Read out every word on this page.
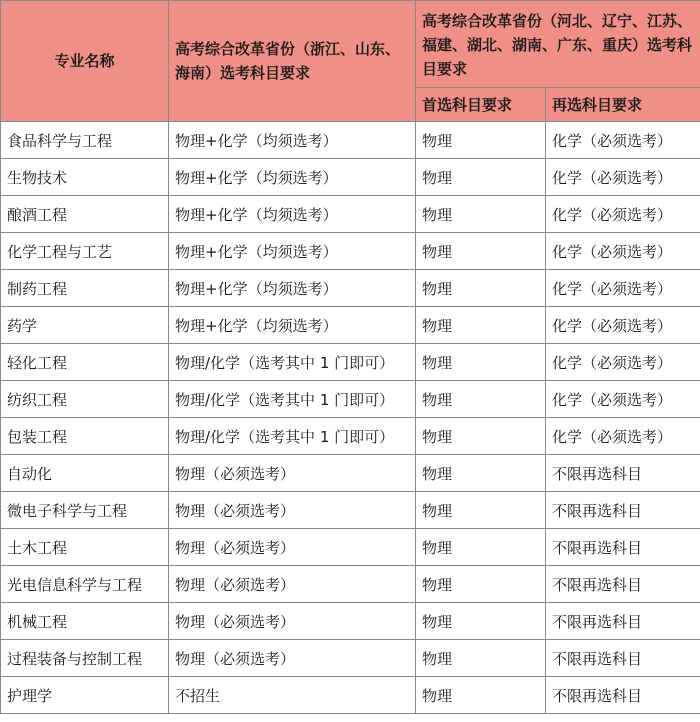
专业名称	高考综合改革省份（浙江、山东、海南）选考科目要求	高考综合改革省份（河北、辽宁、江苏、福建、湖北、湖南、广东、重庆）选考科目要求	
		首选科目要求	再选科目要求
食品科学与工程	物理+化学（均须选考）	物理	化学（必须选考）
生物技术	物理+化学（均须选考）	物理	化学（必须选考）
酿酒工程	物理+化学（均须选考）	物理	化学（必须选考）
化学工程与工艺	物理+化学（均须选考）	物理	化学（必须选考）
制药工程	物理+化学（均须选考）	物理	化学（必须选考）
药学	物理+化学（均须选考）	物理	化学（必须选考）
轻化工程	物理/化学（选考其中 1 门即可）	物理	化学（必须选考）
纺织工程	物理/化学（选考其中 1 门即可）	物理	化学（必须选考）
包装工程	物理/化学（选考其中 1 门即可）	物理	化学（必须选考）
自动化	物理（必须选考）	物理	不限再选科目
微电子科学与工程	物理（必须选考）	物理	不限再选科目
土木工程	物理（必须选考）	物理	不限再选科目
光电信息科学与工程	物理（必须选考）	物理	不限再选科目
机械工程	物理（必须选考）	物理	不限再选科目
过程装备与控制工程	物理（必须选考）	物理	不限再选科目
护理学	不招生	物理	不限再选科目
